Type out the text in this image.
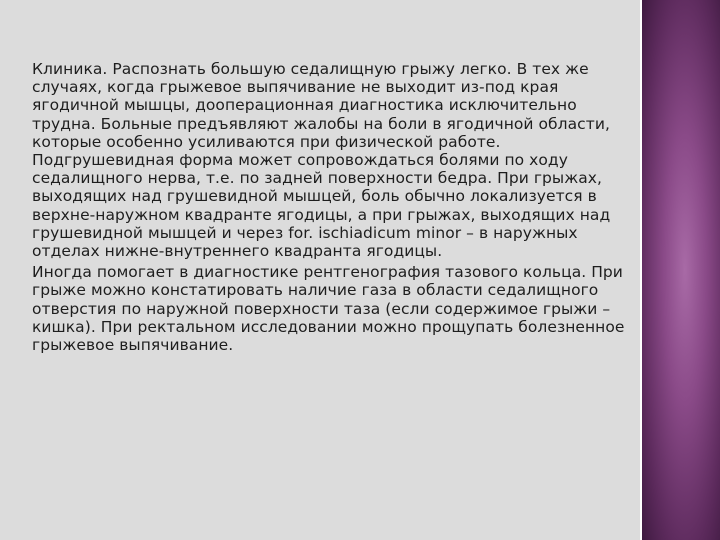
Клиника. Распознать большую седалищную грыжу легко. В тех же случаях, когда грыжевое выпячивание не выходит из-под края ягодичной мышцы, дооперационная диагностика исключительно трудна. Больные предъявляют жалобы на боли в ягодичной области, которые особенно усиливаются при физической работе. Подгрушевидная форма может сопровождаться болями по ходу седалищного нерва, т.е. по задней поверхности бедра. При грыжах, выходящих над грушевидной мышцей, боль обычно локализуется в верхне-наружном квадранте ягодицы, а при грыжах, выходящих над грушевидной мышцей и через for. ischiadicum minor – в наружных отделах нижне-внутреннего квадранта ягодицы.

Иногда помогает в диагностике рентгенография тазового кольца. При грыже можно констатировать наличие газа в области седалищного отверстия по наружной поверхности таза (если содержимое грыжи – кишка). При ректальном исследовании можно прощупать болезненное грыжевое выпячивание.
